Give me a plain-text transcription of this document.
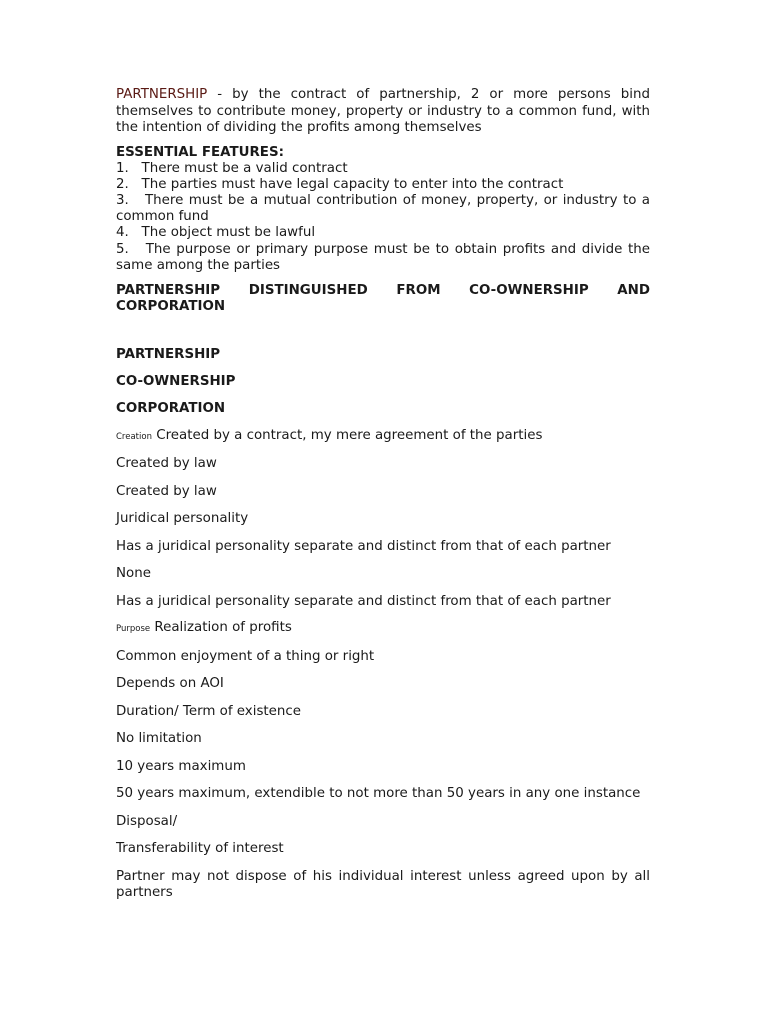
PARTNERSHIP - by the contract of partnership, 2 or more persons bind themselves to contribute money, property or industry to a common fund, with the intention of dividing the profits among themselves

ESSENTIAL FEATURES:

1.   There must be a valid contract
2.   The parties must have legal capacity to enter into the contract
3.   There must be a mutual contribution of money, property, or industry to a common fund
4.   The object must be lawful
5.   The purpose or primary purpose must be to obtain profits and divide the same among the parties

PARTNERSHIP DISTINGUISHED FROM CO-OWNERSHIP AND
CORPORATION

PARTNERSHIP

CO-OWNERSHIP

CORPORATION

Creation Created by a contract, my mere agreement of the parties

Created by law

Created by law

Juridical personality

Has a juridical personality separate and distinct from that of each partner

None

Has a juridical personality separate and distinct from that of each partner

Purpose Realization of profits

Common enjoyment of a thing or right

Depends on AOI

Duration/ Term of existence

No limitation

10 years maximum

50 years maximum, extendible to not more than 50 years in any one instance

Disposal/

Transferability of interest

Partner may not dispose of his individual interest unless agreed upon by all partners
